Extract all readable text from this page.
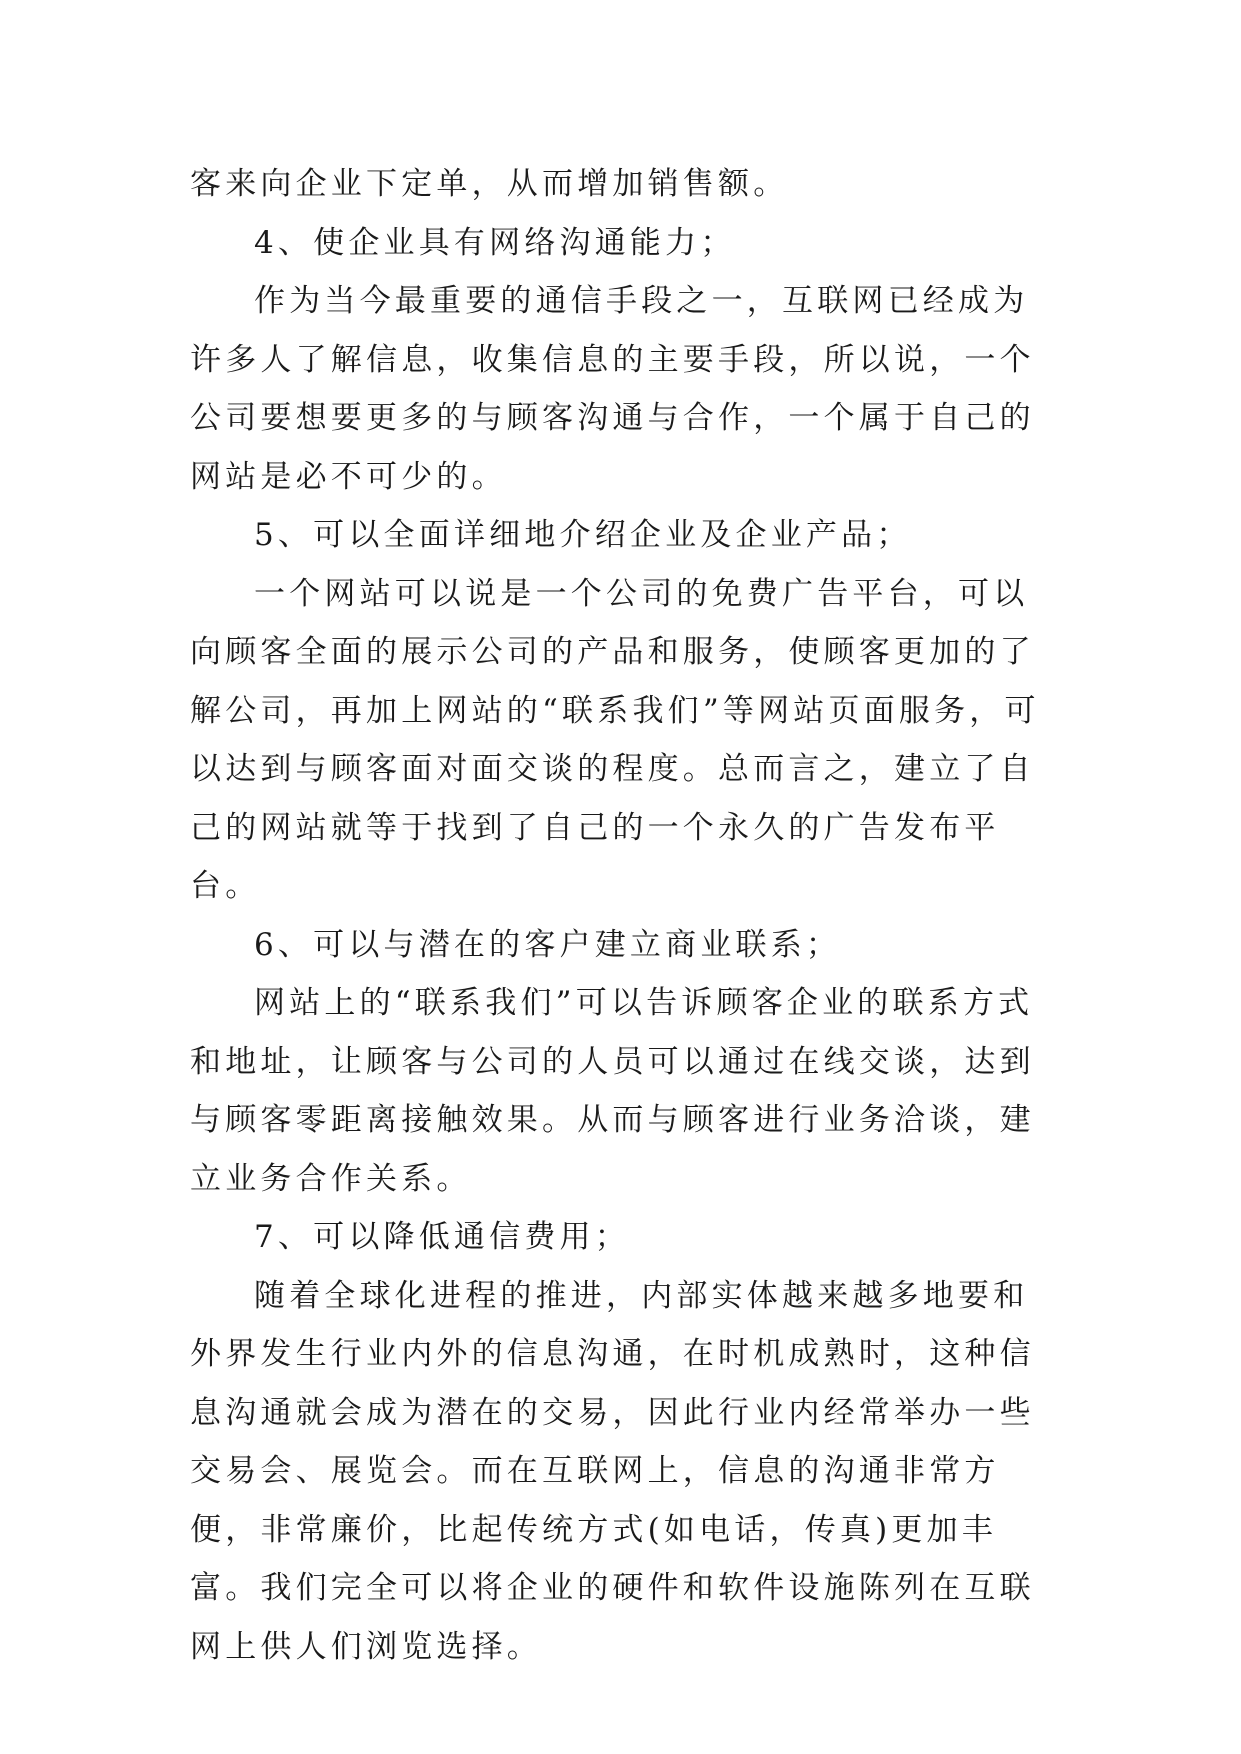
客来向企业下定单，从而增加销售额。

4、使企业具有网络沟通能力；

作为当今最重要的通信手段之一，互联网已经成为许多人了解信息，收集信息的主要手段，所以说，一个公司要想要更多的与顾客沟通与合作，一个属于自己的网站是必不可少的。

5、可以全面详细地介绍企业及企业产品；

一个网站可以说是一个公司的免费广告平台，可以向顾客全面的展示公司的产品和服务，使顾客更加的了解公司，再加上网站的“联系我们”等网站页面服务，可以达到与顾客面对面交谈的程度。总而言之，建立了自己的网站就等于找到了自己的一个永久的广告发布平台。

6、可以与潜在的客户建立商业联系；

网站上的“联系我们”可以告诉顾客企业的联系方式和地址，让顾客与公司的人员可以通过在线交谈，达到与顾客零距离接触效果。从而与顾客进行业务洽谈，建立业务合作关系。

7、可以降低通信费用；

随着全球化进程的推进，内部实体越来越多地要和外界发生行业内外的信息沟通，在时机成熟时，这种信息沟通就会成为潜在的交易，因此行业内经常举办一些交易会、展览会。而在互联网上，信息的沟通非常方便，非常廉价，比起传统方式(如电话，传真)更加丰富。我们完全可以将企业的硬件和软件设施陈列在互联网上供人们浏览选择。
